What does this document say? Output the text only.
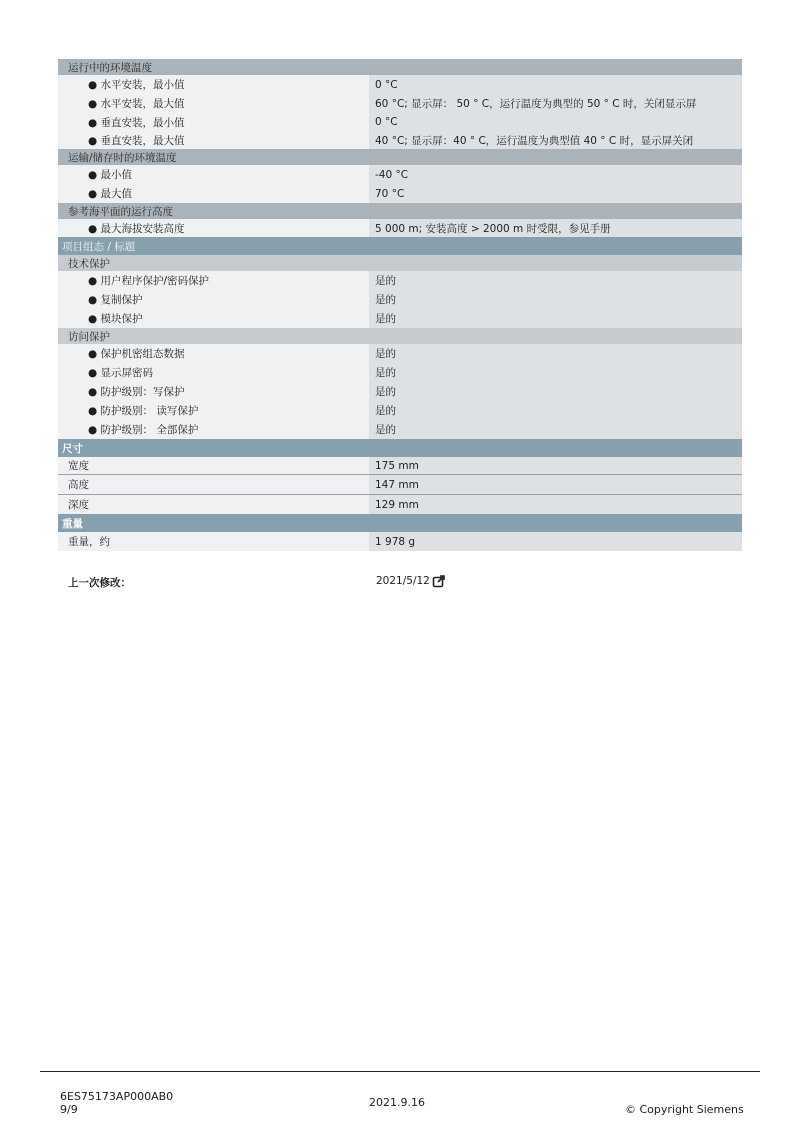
运行中的环境温度
● 水平安装，最小值	0 °C
● 水平安装，最大值	60 °C; 显示屏： 50 ° C，运行温度为典型的 50 ° C 时，关闭显示屏
● 垂直安装，最小值	0 °C
● 垂直安装，最大值	40 °C; 显示屏：40 ° C，运行温度为典型值 40 ° C 时，显示屏关闭
运输/储存时的环境温度
● 最小值	-40 °C
● 最大值	70 °C
参考海平面的运行高度
● 最大海拔安装高度	5 000 m; 安装高度 > 2000 m 时受限，参见手册
项目组态 / 标题
技术保护
● 用户程序保护/密码保护	是的
● 复制保护	是的
● 模块保护	是的
访问保护
● 保护机密组态数据	是的
● 显示屏密码	是的
● 防护级别：写保护	是的
● 防护级别： 读写保护	是的
● 防护级别： 全部保护	是的
尺寸
宽度	175 mm
高度	147 mm
深度	129 mm
重量
重量，约	1 978 g
上一次修改：	2021/5/12
6ES75173AP000AB0
9/9
2021.9.16
© Copyright Siemens
